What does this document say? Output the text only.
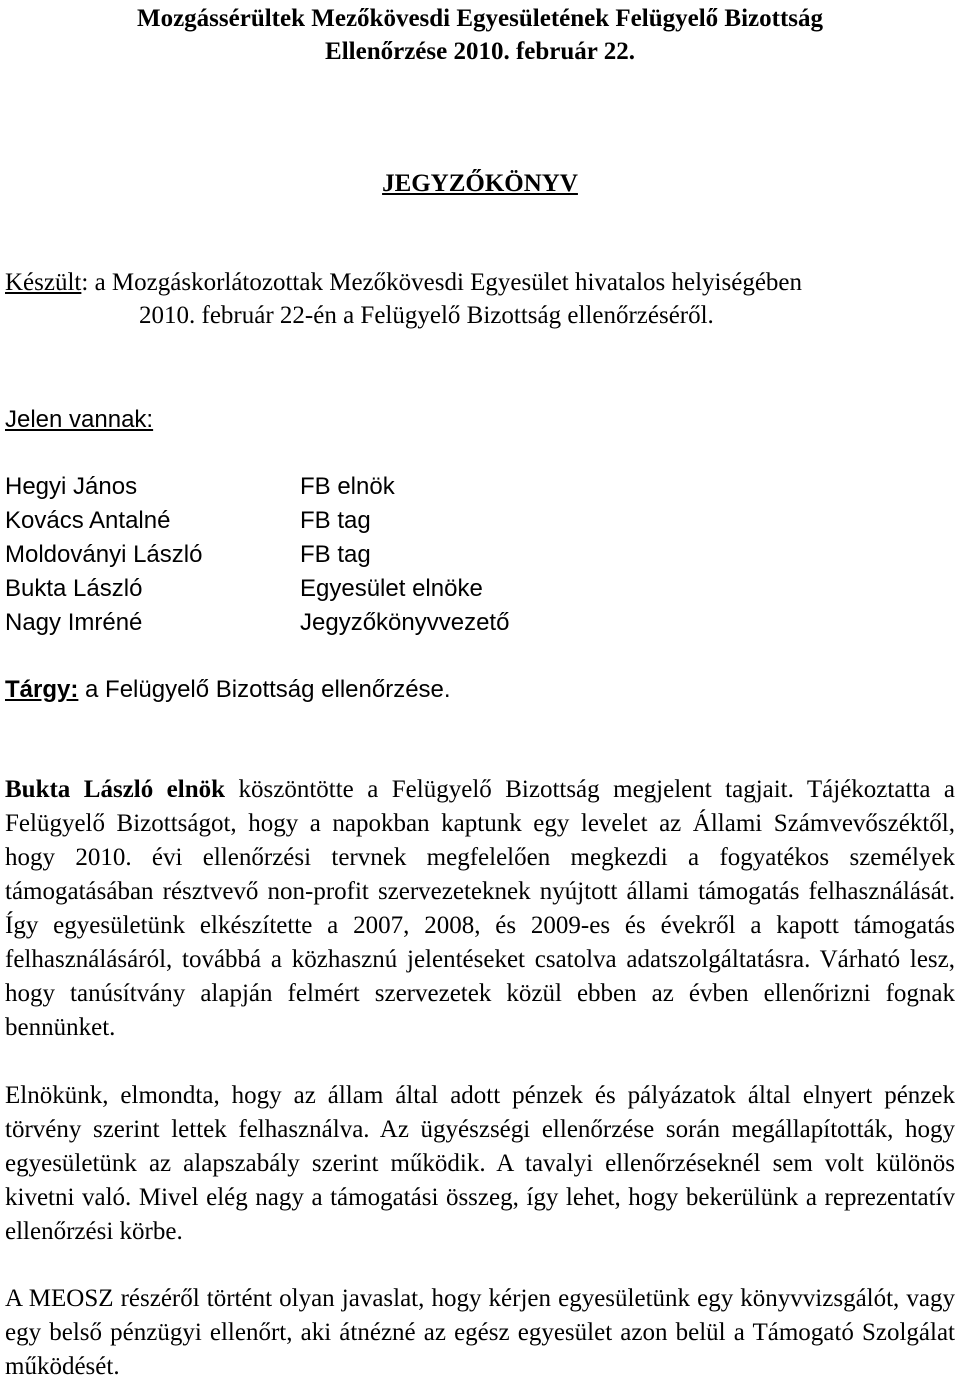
Mozgássérültek Mezőkövesdi Egyesületének Felügyelő Bizottság
Ellenőrzése 2010. február 22.

JEGYZŐKÖNYV

Készült: a Mozgáskorlátozottak Mezőkövesdi Egyesület hivatalos helyiségében
2010. február 22-én a Felügyelő Bizottság ellenőrzéséről.

Jelen vannak:

Hegyi János	FB elnök
Kovács Antalné	FB tag
Moldoványi László	FB tag
Bukta László	Egyesület elnöke
Nagy Imréné	Jegyzőkönyvvezető

Tárgy: a Felügyelő Bizottság ellenőrzése.

Bukta László elnök köszöntötte a Felügyelő Bizottság megjelent tagjait. Tájékoztatta a Felügyelő Bizottságot, hogy a napokban kaptunk egy levelet az Állami Számvevőszéktől, hogy 2010. évi ellenőrzési tervnek megfelelően megkezdi a fogyatékos személyek támogatásában résztvevő non-profit szervezeteknek nyújtott állami támogatás felhasználását. Így egyesületünk elkészítette a 2007, 2008, és 2009-es és évekről a kapott támogatás felhasználásáról, továbbá a közhasznú jelentéseket csatolva adatszolgáltatásra. Várható lesz, hogy tanúsítvány alapján felmért szervezetek közül ebben az évben ellenőrizni fognak bennünket.

Elnökünk, elmondta, hogy az állam által adott pénzek és pályázatok által elnyert pénzek törvény szerint lettek felhasználva. Az ügyészségi ellenőrzése során megállapították, hogy egyesületünk az alapszabály szerint működik. A tavalyi ellenőrzéseknél sem volt különös kivetni való. Mivel elég nagy a támogatási összeg, így lehet, hogy bekerülünk a reprezentatív ellenőrzési körbe.

A MEOSZ részéről történt olyan javaslat, hogy kérjen egyesületünk egy könyvvizsgálót, vagy egy belső pénzügyi ellenőrt, aki átnézné az egész egyesület azon belül a Támogató Szolgálat működését.
